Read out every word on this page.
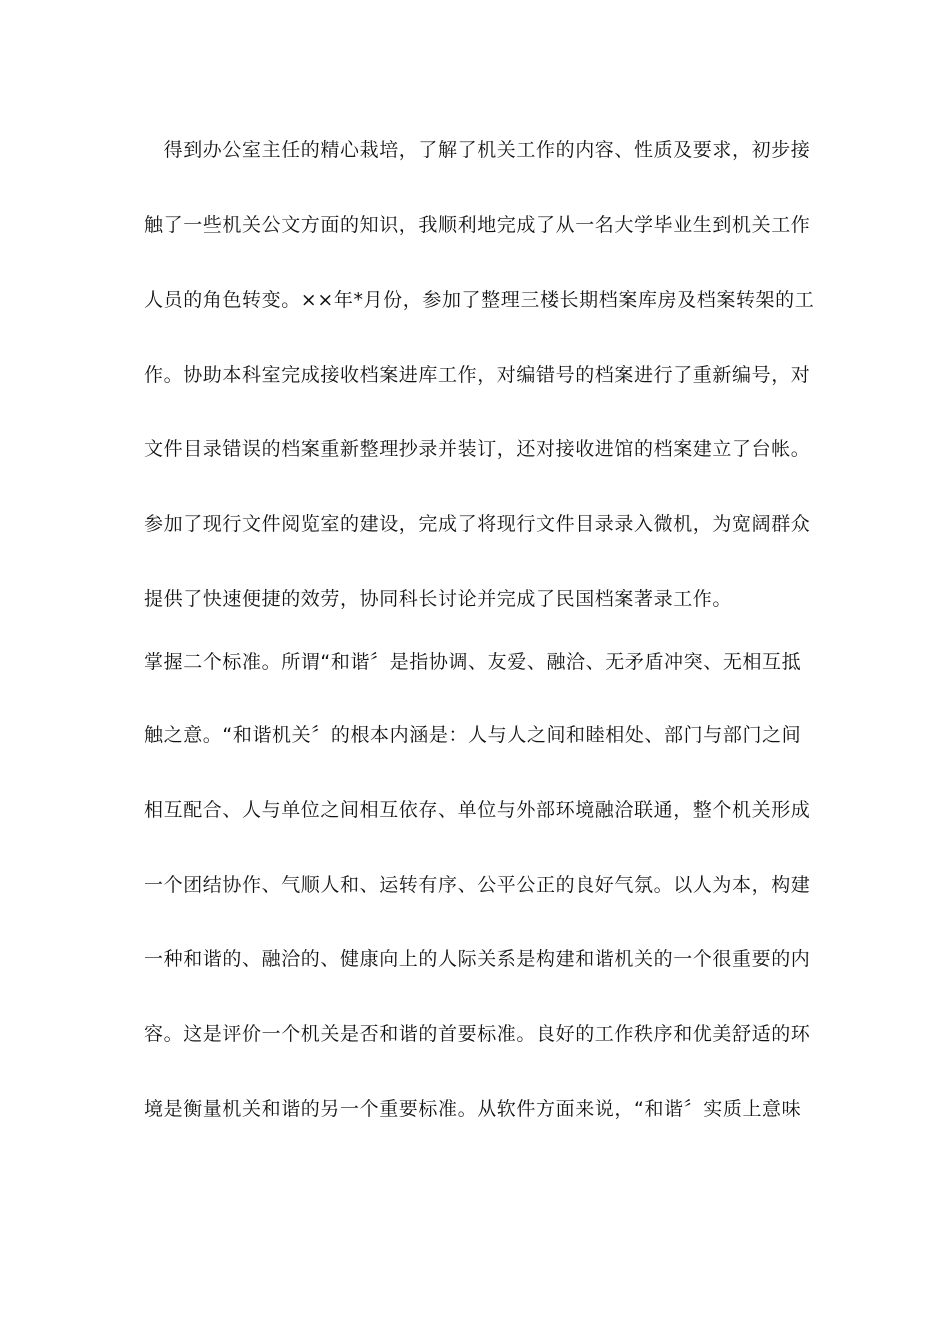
　得到办公室主任的精心栽培，了解了机关工作的内容、性质及要求，初步接
触了一些机关公文方面的知识，我顺利地完成了从一名大学毕业生到机关工作
人员的角色转变。××年*月份，参加了整理三楼长期档案库房及档案转架的工
作。协助本科室完成接收档案进库工作，对编错号的档案进行了重新编号，对
文件目录错误的档案重新整理抄录并装订，还对接收进馆的档案建立了台帐。
参加了现行文件阅览室的建设，完成了将现行文件目录录入微机，为宽阔群众
提供了快速便捷的效劳，协同科长讨论并完成了民国档案著录工作。
掌握二个标准。所谓“和谐〞是指协调、友爱、融洽、无矛盾冲突、无相互抵
触之意。“和谐机关〞的根本内涵是：人与人之间和睦相处、部门与部门之间
相互配合、人与单位之间相互依存、单位与外部环境融洽联通，整个机关形成
一个团结协作、气顺人和、运转有序、公平公正的良好气氛。以人为本，构建
一种和谐的、融洽的、健康向上的人际关系是构建和谐机关的一个很重要的内
容。这是评价一个机关是否和谐的首要标准。良好的工作秩序和优美舒适的环
境是衡量机关和谐的另一个重要标准。从软件方面来说，“和谐〞实质上意味
